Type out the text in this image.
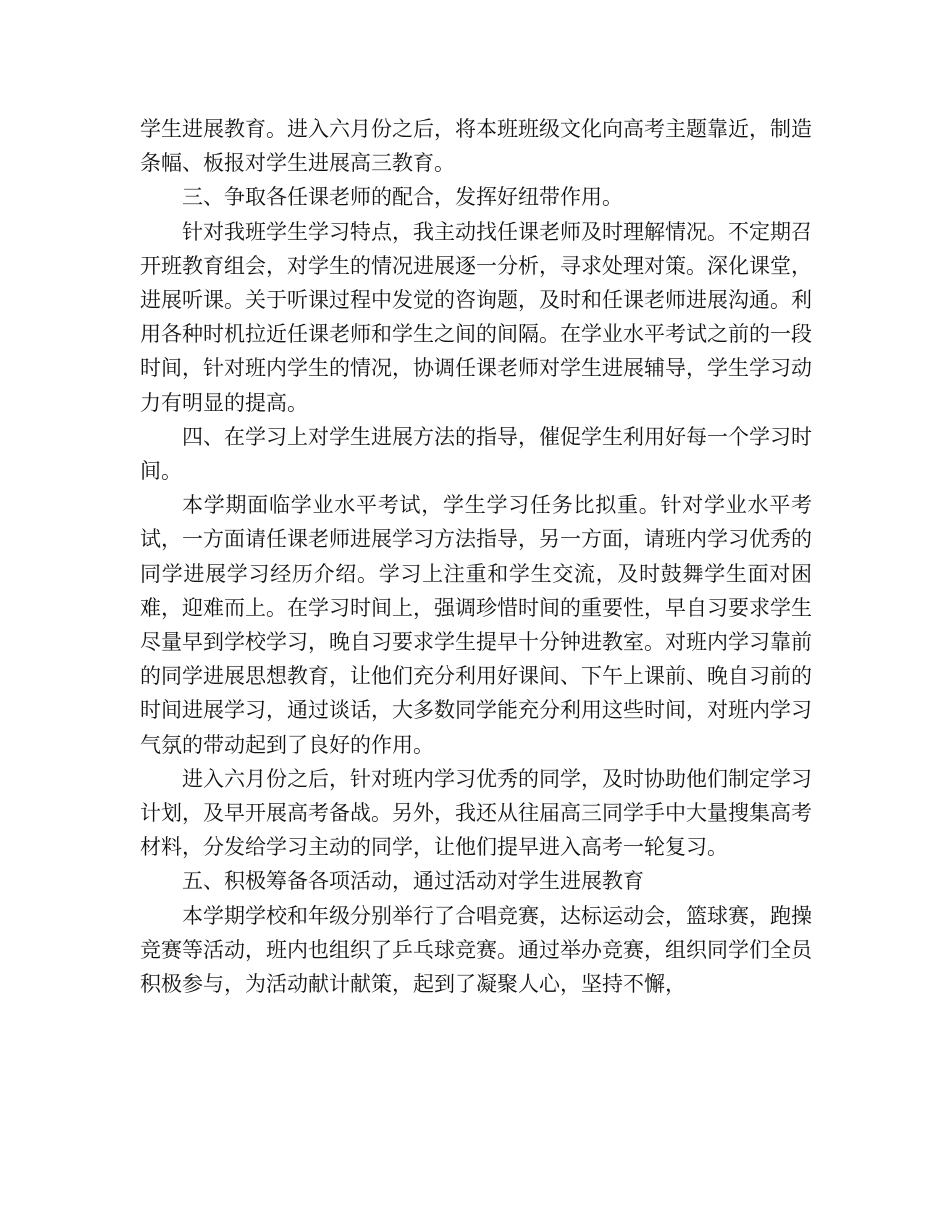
学生进展教育。进入六月份之后，将本班班级文化向高考主题靠近，制造条幅、板报对学生进展高三教育。

三、争取各任课老师的配合，发挥好纽带作用。

针对我班学生学习特点，我主动找任课老师及时理解情况。不定期召开班教育组会，对学生的情况进展逐一分析，寻求处理对策。深化课堂，进展听课。关于听课过程中发觉的咨询题，及时和任课老师进展沟通。利用各种时机拉近任课老师和学生之间的间隔。在学业水平考试之前的一段时间，针对班内学生的情况，协调任课老师对学生进展辅导，学生学习动力有明显的提高。

四、在学习上对学生进展方法的指导，催促学生利用好每一个学习时间。

本学期面临学业水平考试，学生学习任务比拟重。针对学业水平考试，一方面请任课老师进展学习方法指导，另一方面，请班内学习优秀的同学进展学习经历介绍。学习上注重和学生交流，及时鼓舞学生面对困难，迎难而上。在学习时间上，强调珍惜时间的重要性，早自习要求学生尽量早到学校学习，晚自习要求学生提早十分钟进教室。对班内学习靠前的同学进展思想教育，让他们充分利用好课间、下午上课前、晚自习前的时间进展学习，通过谈话，大多数同学能充分利用这些时间，对班内学习气氛的带动起到了良好的作用。

进入六月份之后，针对班内学习优秀的同学，及时协助他们制定学习计划，及早开展高考备战。另外，我还从往届高三同学手中大量搜集高考材料，分发给学习主动的同学，让他们提早进入高考一轮复习。

五、积极筹备各项活动，通过活动对学生进展教育

本学期学校和年级分别举行了合唱竞赛，达标运动会，篮球赛，跑操竞赛等活动，班内也组织了乒乓球竞赛。通过举办竞赛，组织同学们全员积极参与，为活动献计献策，起到了凝聚人心，坚持不懈，
